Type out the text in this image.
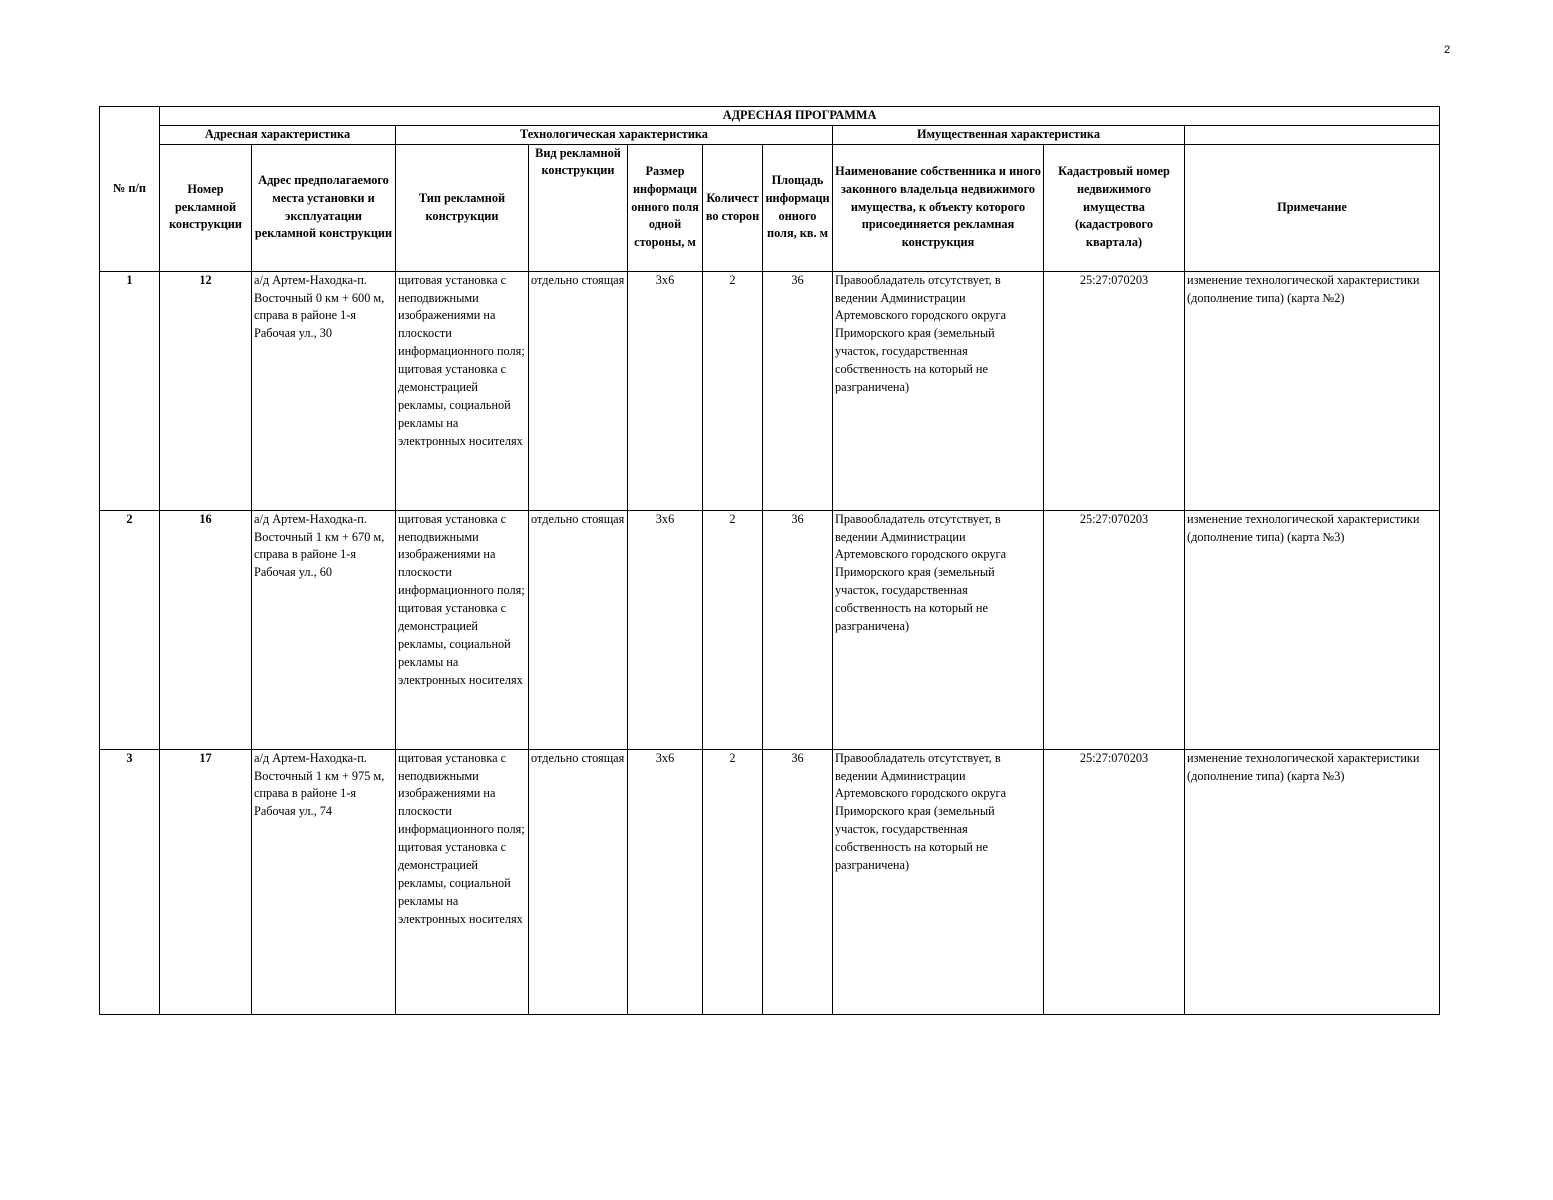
2
№ п/п	АДРЕСНАЯ ПРОГРАММА									
	Адресная характеристика		Технологическая характеристика					Имущественная характеристика		
	Номер рекламной конструкции	Адрес предполагаемого места установки и эксплуатации рекламной конструкции	Тип рекламной конструкции	Вид рекламной конструкции	Размер информационного поля одной стороны, м	Количество сторон	Площадь информационного поля, кв. м	Наименование собственника и иного законного владельца недвижимого имущества, к объекту которого присоединяется рекламная конструкция	Кадастровый номер недвижимого имущества (кадастрового квартала)	Примечание
1	12	а/д Артем-Находка-п. Восточный 0 км + 600 м, справа в районе 1-я Рабочая ул., 30	щитовая установка с неподвижными изображениями на плоскости информационного поля; щитовая установка с демонстрацией рекламы, социальной рекламы на электронных носителях	отдельно стоящая	3х6	2	36	Правообладатель отсутствует, в ведении Администрации Артемовского городского округа Приморского края (земельный участок, государственная собственность на который не разграничена)	25:27:070203	изменение технологической характеристики (дополнение типа) (карта №2)
2	16	а/д Артем-Находка-п. Восточный 1 км + 670 м, справа в районе 1-я Рабочая ул., 60	щитовая установка с неподвижными изображениями на плоскости информационного поля; щитовая установка с демонстрацией рекламы, социальной рекламы на электронных носителях	отдельно стоящая	3х6	2	36	Правообладатель отсутствует, в ведении Администрации Артемовского городского округа Приморского края (земельный участок, государственная собственность на который не разграничена)	25:27:070203	изменение технологической характеристики (дополнение типа) (карта №3)
3	17	а/д Артем-Находка-п. Восточный 1 км + 975 м, справа в районе 1-я Рабочая ул., 74	щитовая установка с неподвижными изображениями на плоскости информационного поля; щитовая установка с демонстрацией рекламы, социальной рекламы на электронных носителях	отдельно стоящая	3х6	2	36	Правообладатель отсутствует, в ведении Администрации Артемовского городского округа Приморского края (земельный участок, государственная собственность на который не разграничена)	25:27:070203	изменение технологической характеристики (дополнение типа) (карта №3)
